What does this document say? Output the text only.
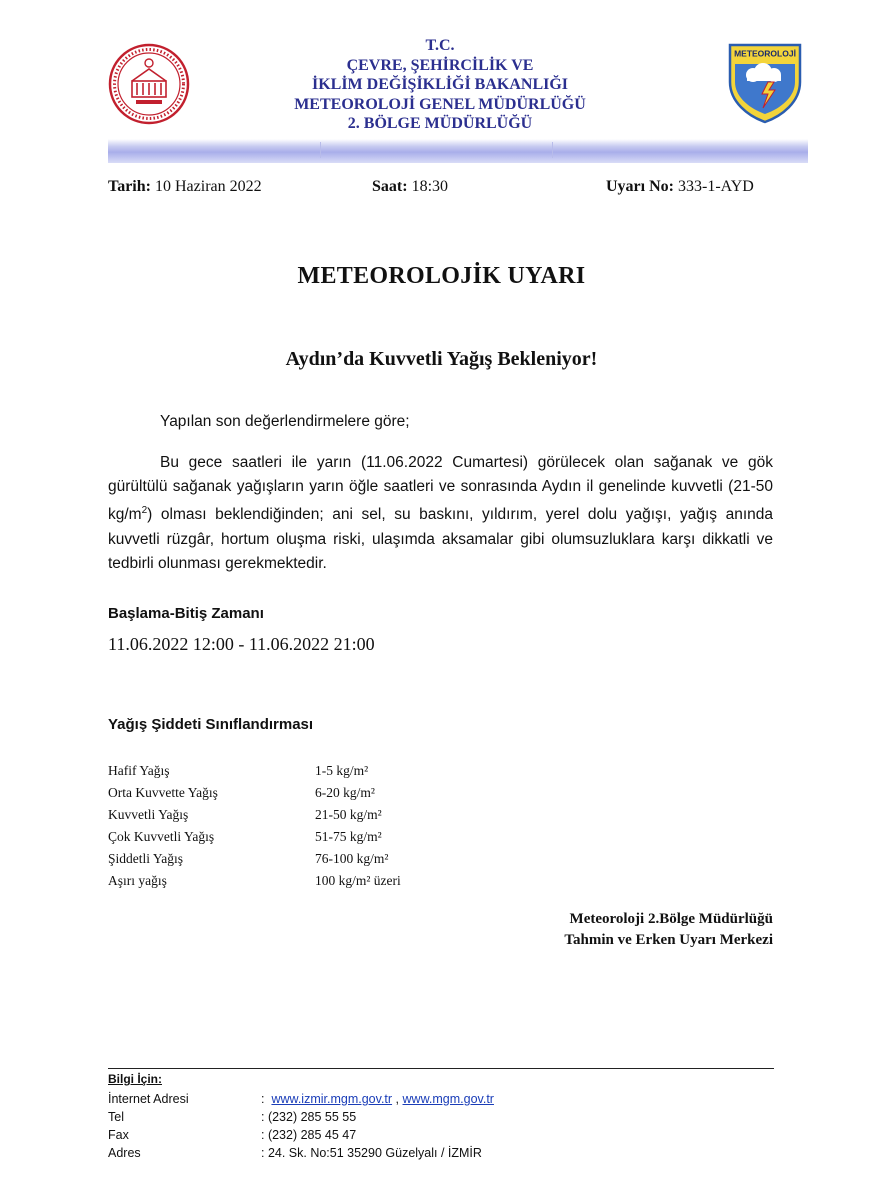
T.C.
ÇEVRE, ŞEHİRCİLİK VE
İKLİM DEĞİŞİKLİĞİ BAKANLIĞI
METEOROLOJİ GENEL MÜDÜRLÜĞÜ
2. BÖLGE MÜDÜRLÜĞÜ
METEOROLOJİ
Tarih: 10 Haziran 2022	Saat: 18:30	Uyarı No: 333-1-AYD
METEOROLOJİK UYARI
Aydın’da Kuvvetli Yağış Bekleniyor!
Yapılan son değerlendirmelere göre;
Bu gece saatleri ile yarın (11.06.2022 Cumartesi) görülecek olan sağanak ve gök gürültülü sağanak yağışların yarın öğle saatleri ve sonrasında Aydın il genelinde kuvvetli (21-50 $kg/m^2$) olması beklendiğinden; ani sel, su baskını, yıldırım, yerel dolu yağışı, yağış anında kuvvetli rüzgâr, hortum oluşma riski, ulaşımda aksamalar gibi olumsuzluklara karşı dikkatli ve tedbirli olunması gerekmektedir.
Başlama-Bitiş Zamanı
11.06.2022 12:00 - 11.06.2022 21:00
Yağış Şiddeti Sınıflandırması
Hafif Yağış	1-5 kg/m²
Orta Kuvvette Yağış	6-20 kg/m²
Kuvvetli Yağış	21-50 kg/m²
Çok Kuvvetli Yağış	51-75 kg/m²
Şiddetli Yağış	76-100 kg/m²
Aşırı yağış	100 kg/m² üzeri
Meteoroloji 2.Bölge Müdürlüğü
Tahmin ve Erken Uyarı Merkezi
Bilgi İçin:
İnternet Adresi	: www.izmir.mgm.gov.tr , www.mgm.gov.tr
Tel	: (232) 285 55 55
Fax	: (232) 285 45 47
Adres	: 24. Sk. No:51 35290 Güzelyalı / İZMİR
